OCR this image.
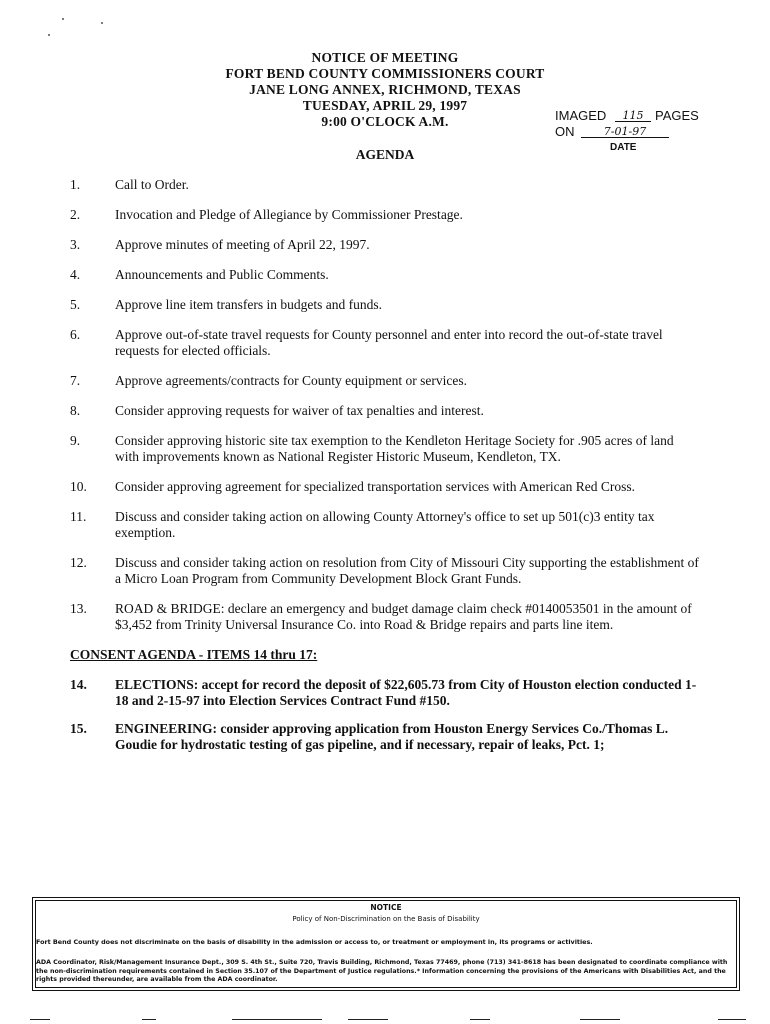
NOTICE OF MEETING
FORT BEND COUNTY COMMISSIONERS COURT
JANE LONG ANNEX, RICHMOND, TEXAS
TUESDAY, APRIL 29, 1997
9:00 O'CLOCK A.M.	IMAGED	115 PAGES
ON	7-01-97
DATE
AGENDA
1.	Call to Order.
2.	Invocation and Pledge of Allegiance by Commissioner Prestage.
3.	Approve minutes of meeting of April 22, 1997.
4.	Announcements and Public Comments.
5.	Approve line item transfers in budgets and funds.
6.	Approve out-of-state travel requests for County personnel and enter into record the out-of-state travel requests for elected officials.
7.	Approve agreements/contracts for County equipment or services.
8.	Consider approving requests for waiver of tax penalties and interest.
9.	Consider approving historic site tax exemption to the Kendleton Heritage Society for .905 acres of land with improvements known as National Register Historic Museum, Kendleton, TX.
10. Consider approving agreement for specialized transportation services with American Red Cross.
11. Discuss and consider taking action on allowing County Attorney's office to set up 501(c)3 entity tax exemption.
12. Discuss and consider taking action on resolution from City of Missouri City supporting the establishment of a Micro Loan Program from Community Development Block Grant Funds.
13. ROAD & BRIDGE: declare an emergency and budget damage claim check #0140053501 in the amount of $3,452 from Trinity Universal Insurance Co. into Road & Bridge repairs and parts line item.
CONSENT AGENDA - ITEMS 14 thru 17:
14. ELECTIONS: accept for record the deposit of $22,605.73 from City of Houston election conducted 1-18 and 2-15-97 into Election Services Contract Fund #150.
15. ENGINEERING: consider approving application from Houston Energy Services Co./Thomas L. Goudie for hydrostatic testing of gas pipeline, and if necessary, repair of leaks, Pct. 1;
NOTICE
Policy of Non-Discrimination on the Basis of Disability
Fort Bend County does not discriminate on the basis of disability in the admission or access to, or treatment or employment in, its programs or activities.
ADA Coordinator, Risk/Management Insurance Dept., 309 S. 4th St., Suite 720, Travis Building, Richmond, Texas 77469, phone (713) 341-8618 has been designated to coordinate compliance with the non-discrimination requirements contained in Section 35.107 of the Department of Justice regulations.* Information concerning the provisions of the Americans with Disabilities Act, and the rights provided thereunder, are available from the ADA coordinator.
